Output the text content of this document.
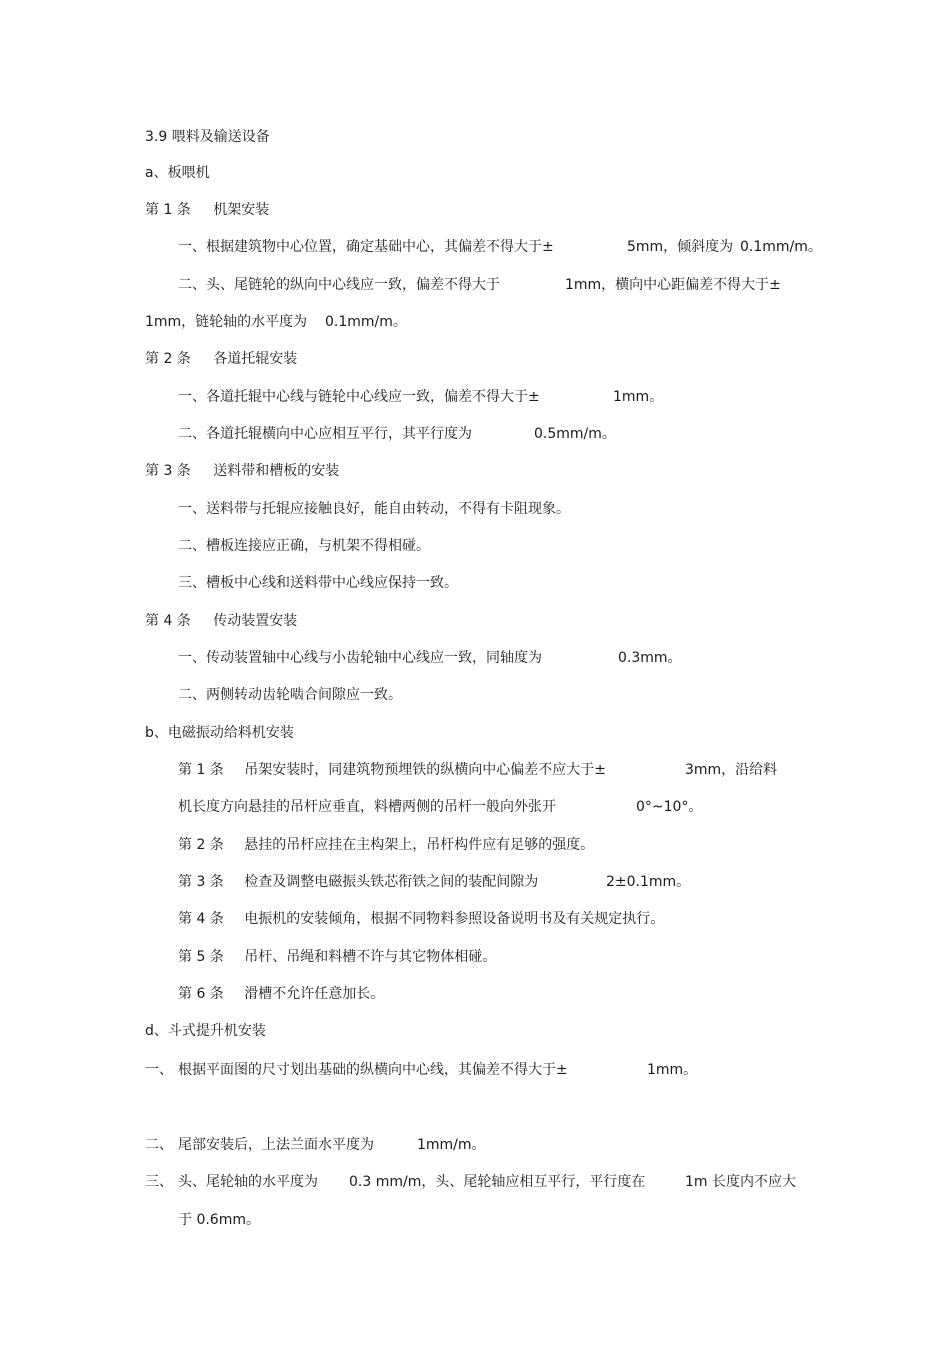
3.9 喂料及输送设备
a、板喂机
第 1 条 机架安装
一、根据建筑物中心位置，确定基础中心，其偏差不得大于±	5mm，倾斜度为 0.1mm/m。
二、头、尾链轮的纵向中心线应一致，偏差不得大于	1mm，横向中心距偏差不得大于±
1mm，链轮轴的水平度为 0.1mm/m。
第 2 条 各道托辊安装
一、各道托辊中心线与链轮中心线应一致，偏差不得大于±	1mm。
二、各道托辊横向中心应相互平行，其平行度为	0.5mm/m。
第 3 条 送料带和槽板的安装
一、送料带与托辊应接触良好，能自由转动，不得有卡阻现象。
二、槽板连接应正确，与机架不得相碰。
三、槽板中心线和送料带中心线应保持一致。
第 4 条 传动装置安装
一、传动装置轴中心线与小齿轮轴中心线应一致，同轴度为	0.3mm。
二、两侧转动齿轮啮合间隙应一致。
b、电磁振动给料机安装
第 1 条 吊架安装时，同建筑物预埋铁的纵横向中心偏差不应大于±	3mm，沿给料
机长度方向悬挂的吊杆应垂直，料槽两侧的吊杆一般向外张开	0°~10°。
第 2 条 悬挂的吊杆应挂在主构架上，吊杆构件应有足够的强度。
第 3 条 检查及调整电磁振头铁芯衔铁之间的装配间隙为	2±0.1mm。
第 4 条 电振机的安装倾角，根据不同物料参照设备说明书及有关规定执行。
第 5 条 吊杆、吊绳和料槽不许与其它物体相碰。
第 6 条 滑槽不允许任意加长。
d、斗式提升机安装
一、 根据平面图的尺寸划出基础的纵横向中心线，其偏差不得大于±	1mm。
二、 尾部安装后，上法兰面水平度为	1mm/m。
三、 头、尾轮轴的水平度为 0.3 mm/m，头、尾轮轴应相互平行，平行度在	1m 长度内不应大
于 0.6mm。
